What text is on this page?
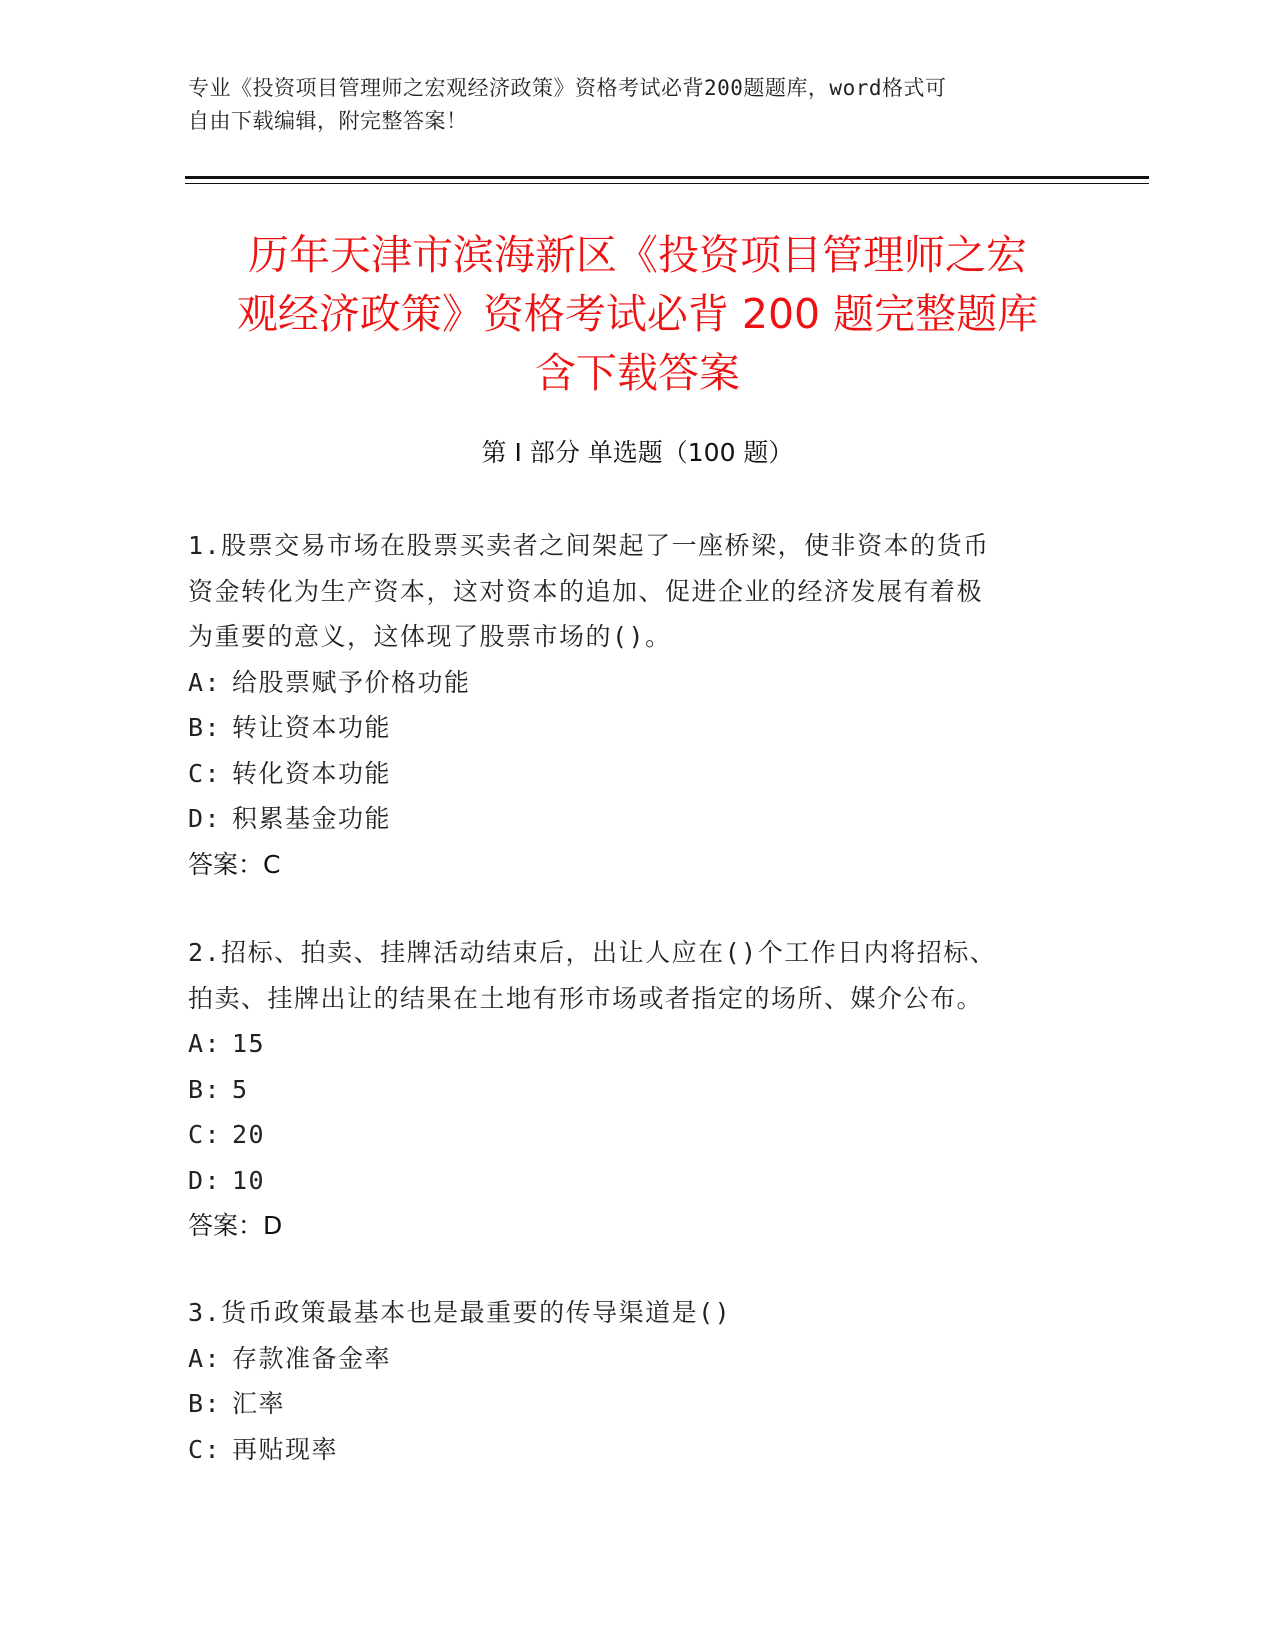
专业《投资项目管理师之宏观经济政策》资格考试必背200题题库，word格式可
自由下载编辑，附完整答案！
历年天津市滨海新区《投资项目管理师之宏
观经济政策》资格考试必背 200 题完整题库
含下载答案
第 I 部分 单选题（100 题）
1.股票交易市场在股票买卖者之间架起了一座桥梁，使非资本的货币
资金转化为生产资本，这对资本的追加、促进企业的经济发展有着极
为重要的意义，这体现了股票市场的()。
A: 给股票赋予价格功能
B: 转让资本功能
C: 转化资本功能
D: 积累基金功能
答案：C
2.招标、拍卖、挂牌活动结束后，出让人应在()个工作日内将招标、
拍卖、挂牌出让的结果在土地有形市场或者指定的场所、媒介公布。
A: 15
B: 5
C: 20
D: 10
答案：D
3.货币政策最基本也是最重要的传导渠道是()
A: 存款准备金率
B: 汇率
C: 再贴现率
